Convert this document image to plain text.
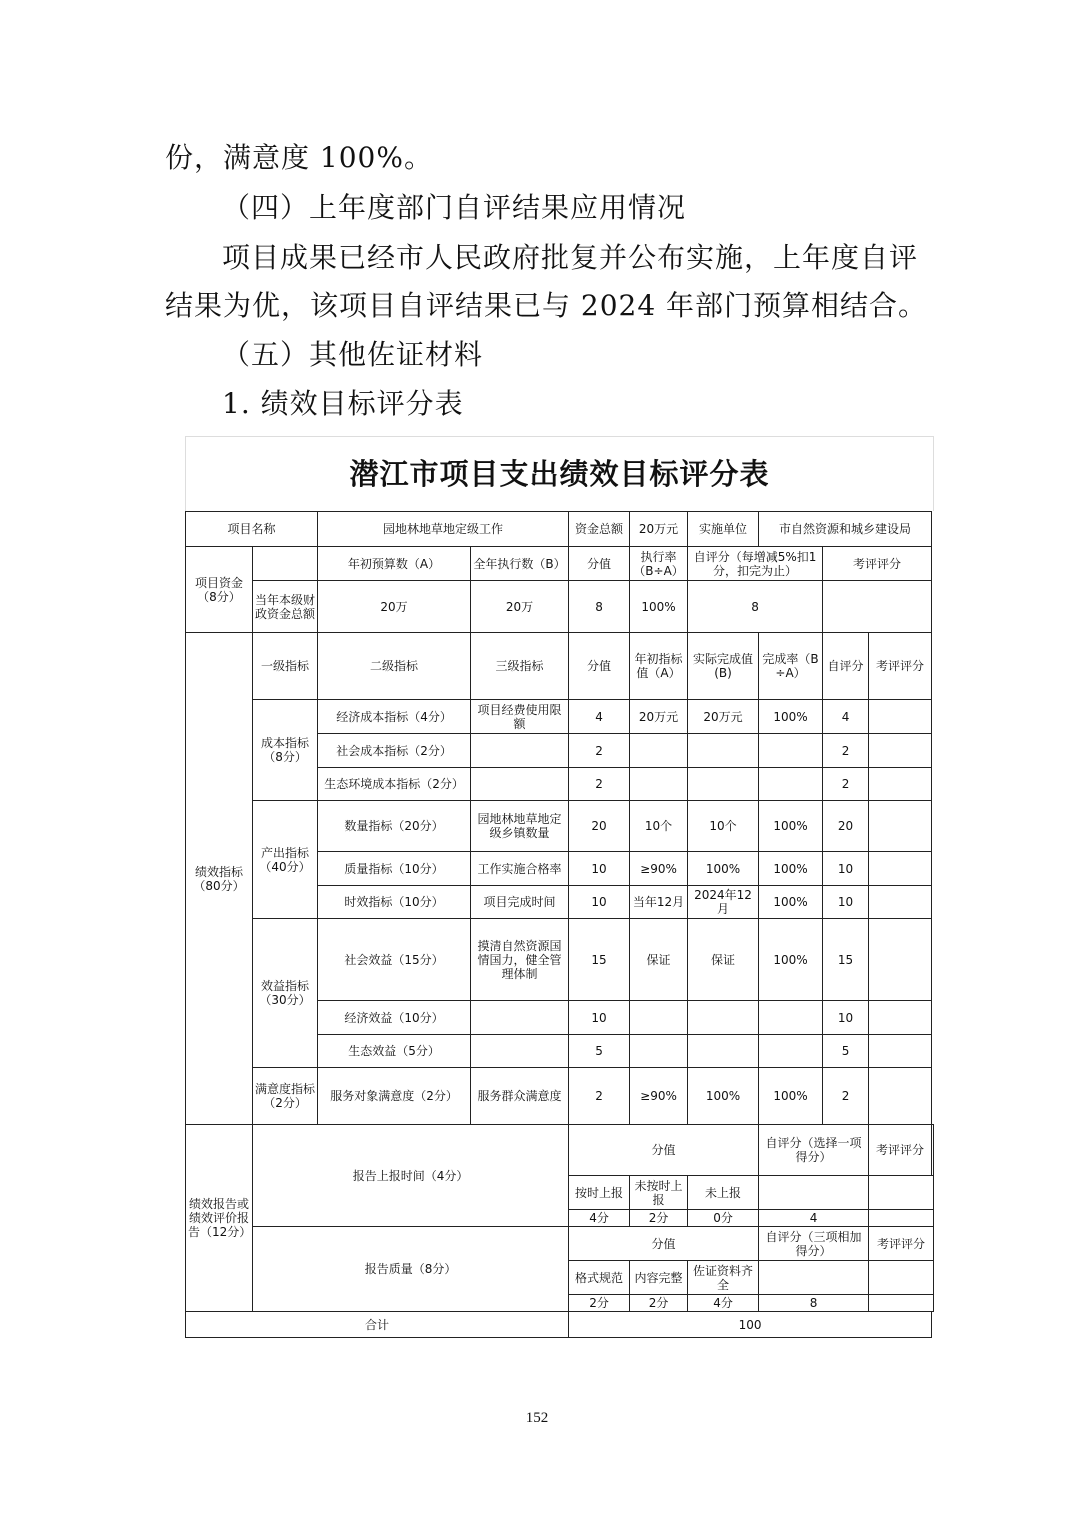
份，满意度 100%。
（四）上年度部门自评结果应用情况
项目成果已经市人民政府批复并公布实施，上年度自评
结果为优，该项目自评结果已与 2024 年部门预算相结合。
（五）其他佐证材料
1. 绩效目标评分表
潜江市项目支出绩效目标评分表
项目名称		园地林地草地定级工作		资金总额	20万元	实施单位	市自然资源和城乡建设局			
项目资金（8分）		年初预算数（A）	全年执行数（B）	分值	执行率（B÷A）	自评分（每增减5%扣1分，扣完为止）		考评评分		
	当年本级财政资金总额	20万	20万	8	100%	8				
绩效指标（80分）	一级指标	二级指标	三级指标	分值	年初指标值（A）	实际完成值(B)	完成率（B÷A）	自评分	考评评分	
	成本指标（8分）	经济成本指标（4分）	项目经费使用限额	4	20万元	20万元	100%	4		
		社会成本指标（2分）		2				2		
		生态环境成本指标（2分）		2				2		
	产出指标（40分）	数量指标（20分）	园地林地草地定级乡镇数量	20	10个	10个	100%	20		
		质量指标（10分）	工作实施合格率	10	≥90%	100%	100%	10		
		时效指标（10分）	项目完成时间	10	当年12月	2024年12月	100%	10		
	效益指标（30分）	社会效益（15分）	摸清自然资源国情国力，健全管理体制	15	保证	保证	100%	15		
		经济效益（10分）		10				10		
		生态效益（5分）		5				5		
	满意度指标（2分）	服务对象满意度（2分）	服务群众满意度	2	≥90%	100%	100%	2		
绩效报告或绩效评价报告（12分）	报告上报时间（4分）			分值			自评分（选择一项得分）		考评评分	
				按时上报	未按时上报	未上报				
				4分	2分	0分	4			
	报告质量（8分）			分值			自评分（三项相加得分）		考评评分	
				格式规范	内容完整	佐证资料齐全				
				2分	2分	4分	8			
合计				100						
152
